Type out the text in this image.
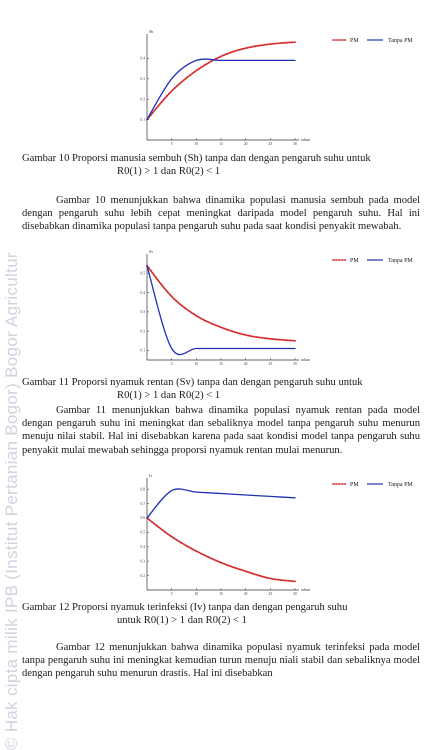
© Hak cipta milik IPB (Institut Pertanian Bogor) Bogor Agricultur
Sh
tahun
5	10	15	20	25	30
0.1
0.2
0.3
0.4
PM	Tanpa PM
Gambar 10 Proporsi manusia sembuh (Sh) tanpa dan dengan pengaruh suhu untuk
R0(1) > 1 dan R0(2) < 1

Gambar 10 menunjukkan bahwa dinamika populasi manusia sembuh pada model dengan pengaruh suhu lebih cepat meningkat daripada model pengaruh suhu. Hal ini disebabkan dinamika populasi tanpa pengaruh suhu pada saat kondisi penyakit mewabah.

Sv
tahun
5	10	15	20	25	30
0.1
0.2
0.3
0.4
0.5
PM	Tanpa PM
Gambar 11 Proporsi nyamuk rentan (Sv) tanpa dan dengan pengaruh suhu untuk
R0(1) > 1 dan R0(2) < 1

Gambar 11 menunjukkan bahwa dinamika populasi nyamuk rentan pada model dengan pengaruh suhu ini meningkat dan sebaliknya model tanpa pengaruh suhu menurun menuju nilai stabil. Hal ini disebabkan karena pada saat kondisi model tanpa pengaruh suhu penyakit mulai mewabah sehingga proporsi nyamuk rentan mulai menurun.

Iv
tahun
5	10	15	20	25	30
0.2
0.3
0.4
0.5
0.6
0.7
0.8
PM	Tanpa PM
Gambar 12 Proporsi nyamuk terinfeksi (Iv) tanpa dan dengan pengaruh suhu
untuk R0(1) > 1 dan R0(2) < 1

Gambar 12 menunjukkan bahwa dinamika populasi nyamuk terinfeksi pada model tanpa pengaruh suhu ini meningkat kemudian turun menuju niali stabil dan sebaliknya model dengan pengaruh suhu menurun drastis. Hal ini disebabkan
